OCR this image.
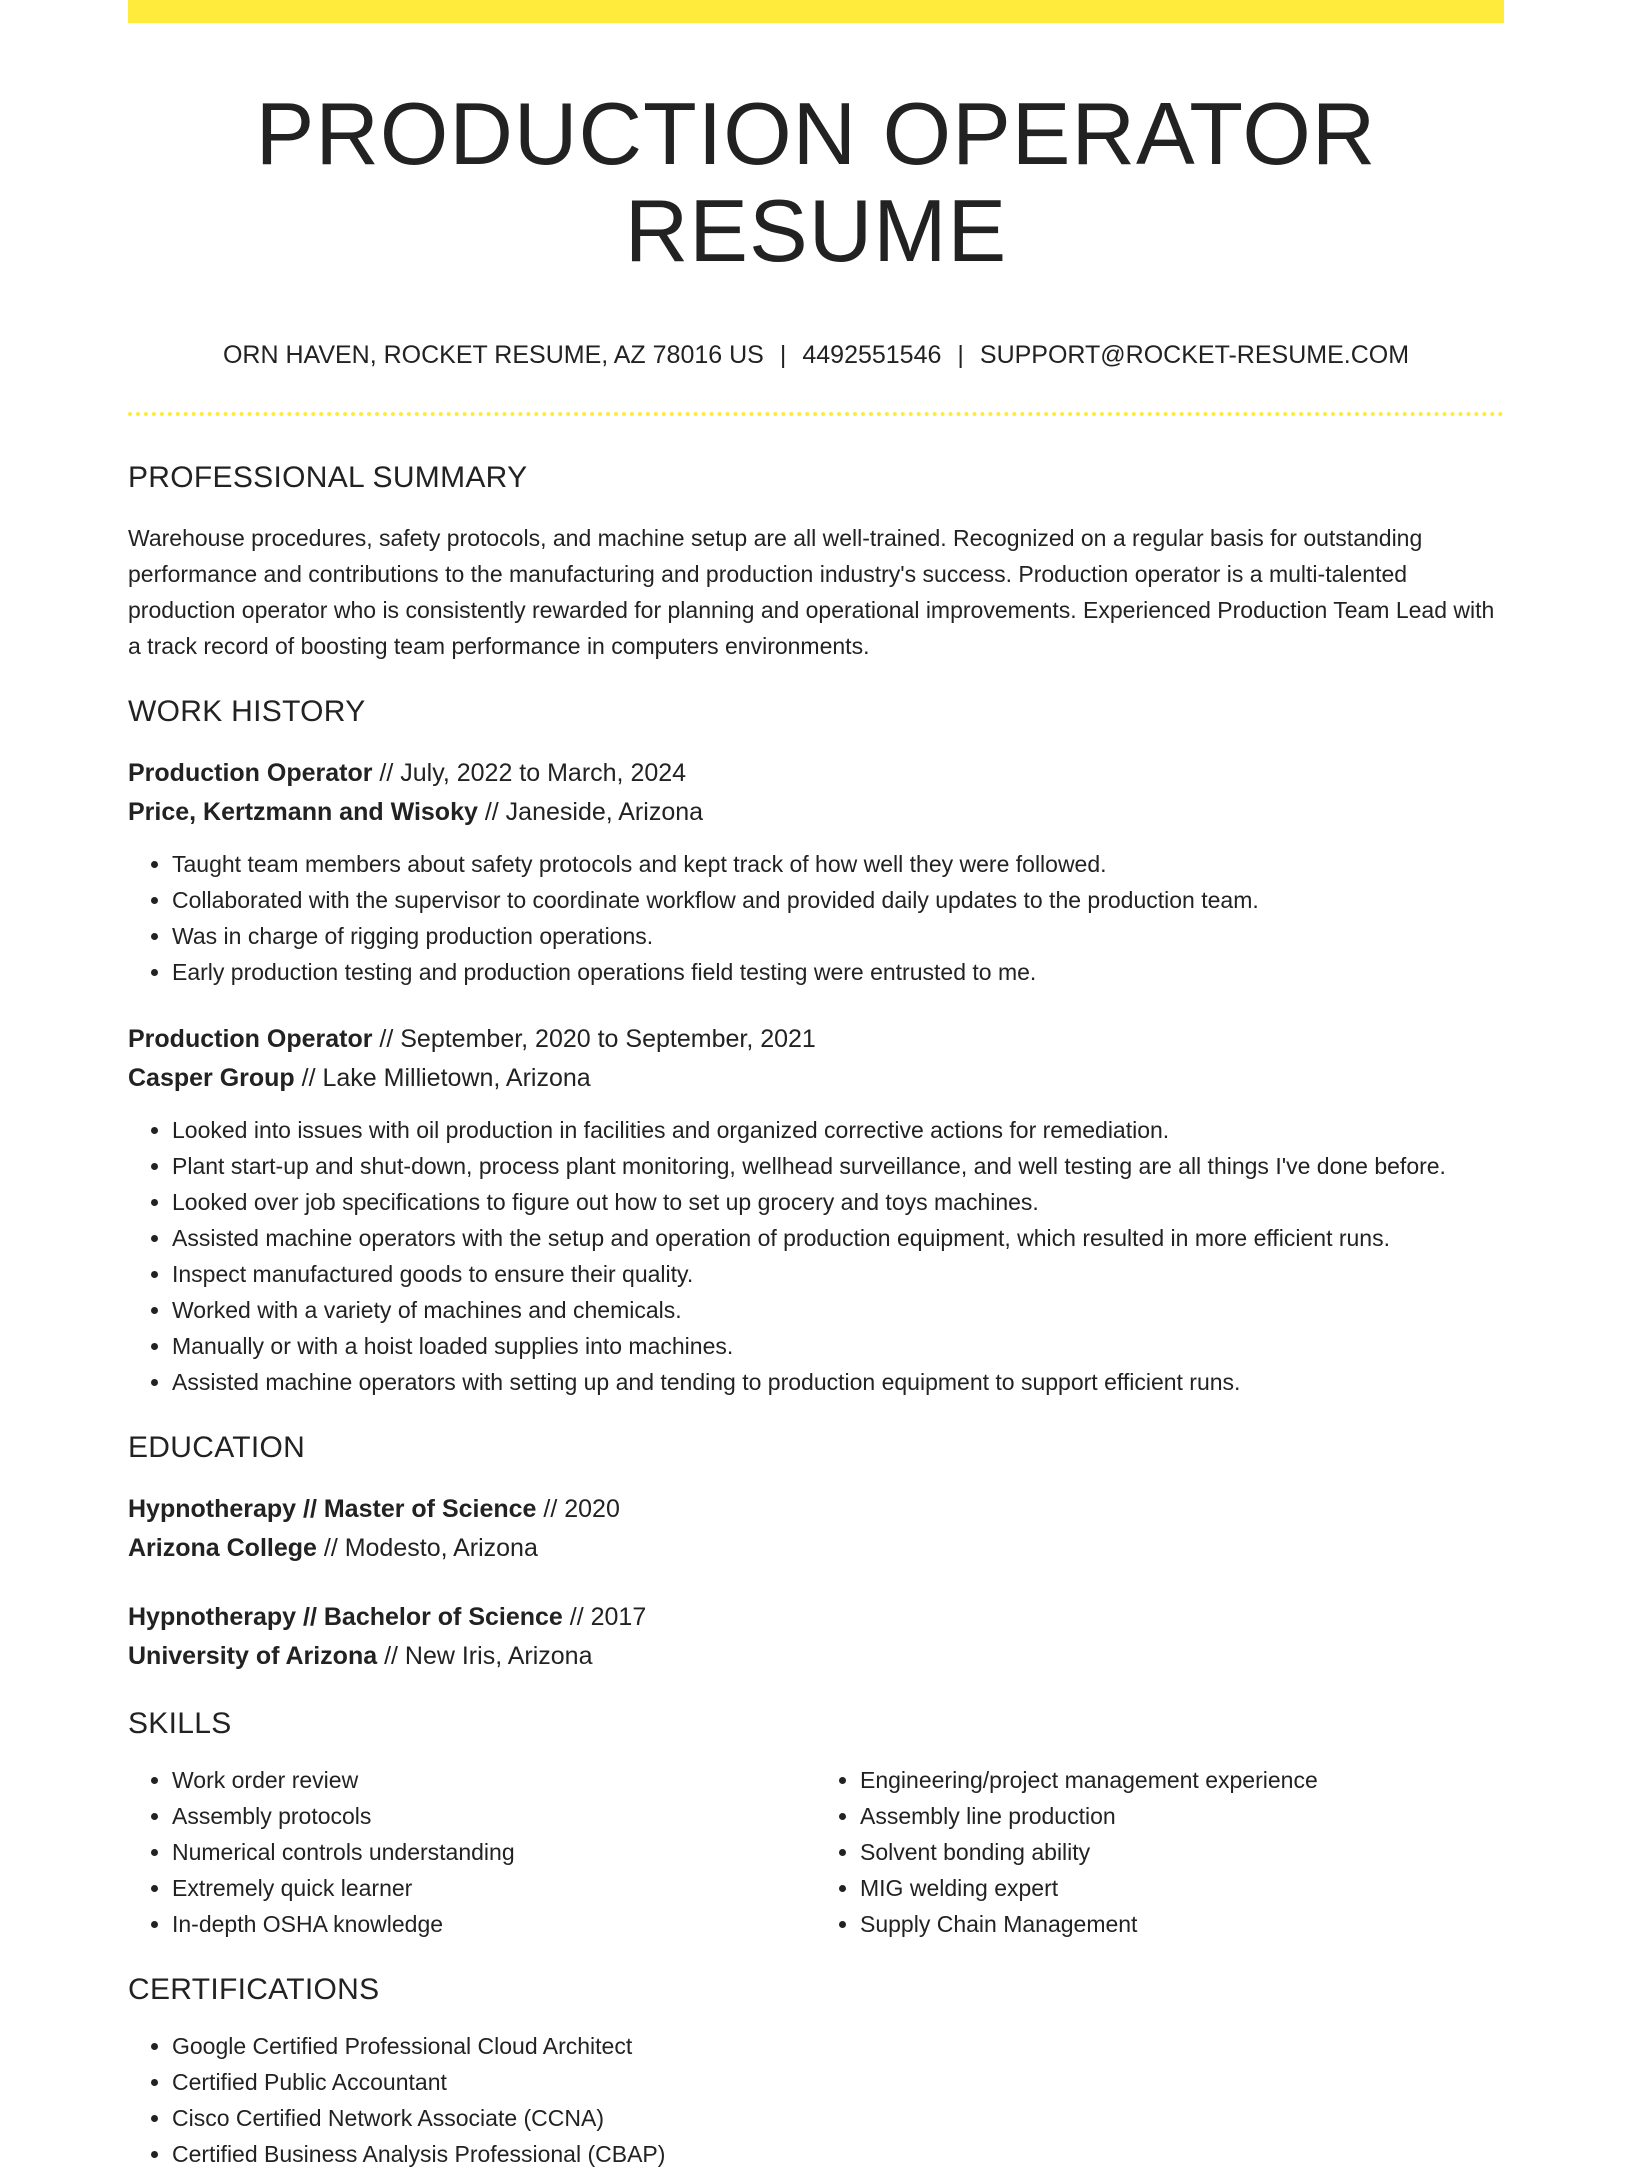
PRODUCTION OPERATOR RESUME
ORN HAVEN, ROCKET RESUME, AZ 78016 US | 4492551546 | SUPPORT@ROCKET-RESUME.COM
PROFESSIONAL SUMMARY
Warehouse procedures, safety protocols, and machine setup are all well-trained. Recognized on a regular basis for outstanding performance and contributions to the manufacturing and production industry's success. Production operator is a multi-talented production operator who is consistently rewarded for planning and operational improvements. Experienced Production Team Lead with a track record of boosting team performance in computers environments.
WORK HISTORY
Production Operator // July, 2022 to March, 2024
Price, Kertzmann and Wisoky // Janeside, Arizona
• Taught team members about safety protocols and kept track of how well they were followed.
• Collaborated with the supervisor to coordinate workflow and provided daily updates to the production team.
• Was in charge of rigging production operations.
• Early production testing and production operations field testing were entrusted to me.
Production Operator // September, 2020 to September, 2021
Casper Group // Lake Millietown, Arizona
• Looked into issues with oil production in facilities and organized corrective actions for remediation.
• Plant start-up and shut-down, process plant monitoring, wellhead surveillance, and well testing are all things I've done before.
• Looked over job specifications to figure out how to set up grocery and toys machines.
• Assisted machine operators with the setup and operation of production equipment, which resulted in more efficient runs.
• Inspect manufactured goods to ensure their quality.
• Worked with a variety of machines and chemicals.
• Manually or with a hoist loaded supplies into machines.
• Assisted machine operators with setting up and tending to production equipment to support efficient runs.
EDUCATION
Hypnotherapy // Master of Science // 2020
Arizona College // Modesto, Arizona
Hypnotherapy // Bachelor of Science // 2017
University of Arizona // New Iris, Arizona
SKILLS
• Work order review
• Assembly protocols
• Numerical controls understanding
• Extremely quick learner
• In-depth OSHA knowledge
• Engineering/project management experience
• Assembly line production
• Solvent bonding ability
• MIG welding expert
• Supply Chain Management
CERTIFICATIONS
• Google Certified Professional Cloud Architect
• Certified Public Accountant
• Cisco Certified Network Associate (CCNA)
• Certified Business Analysis Professional (CBAP)
